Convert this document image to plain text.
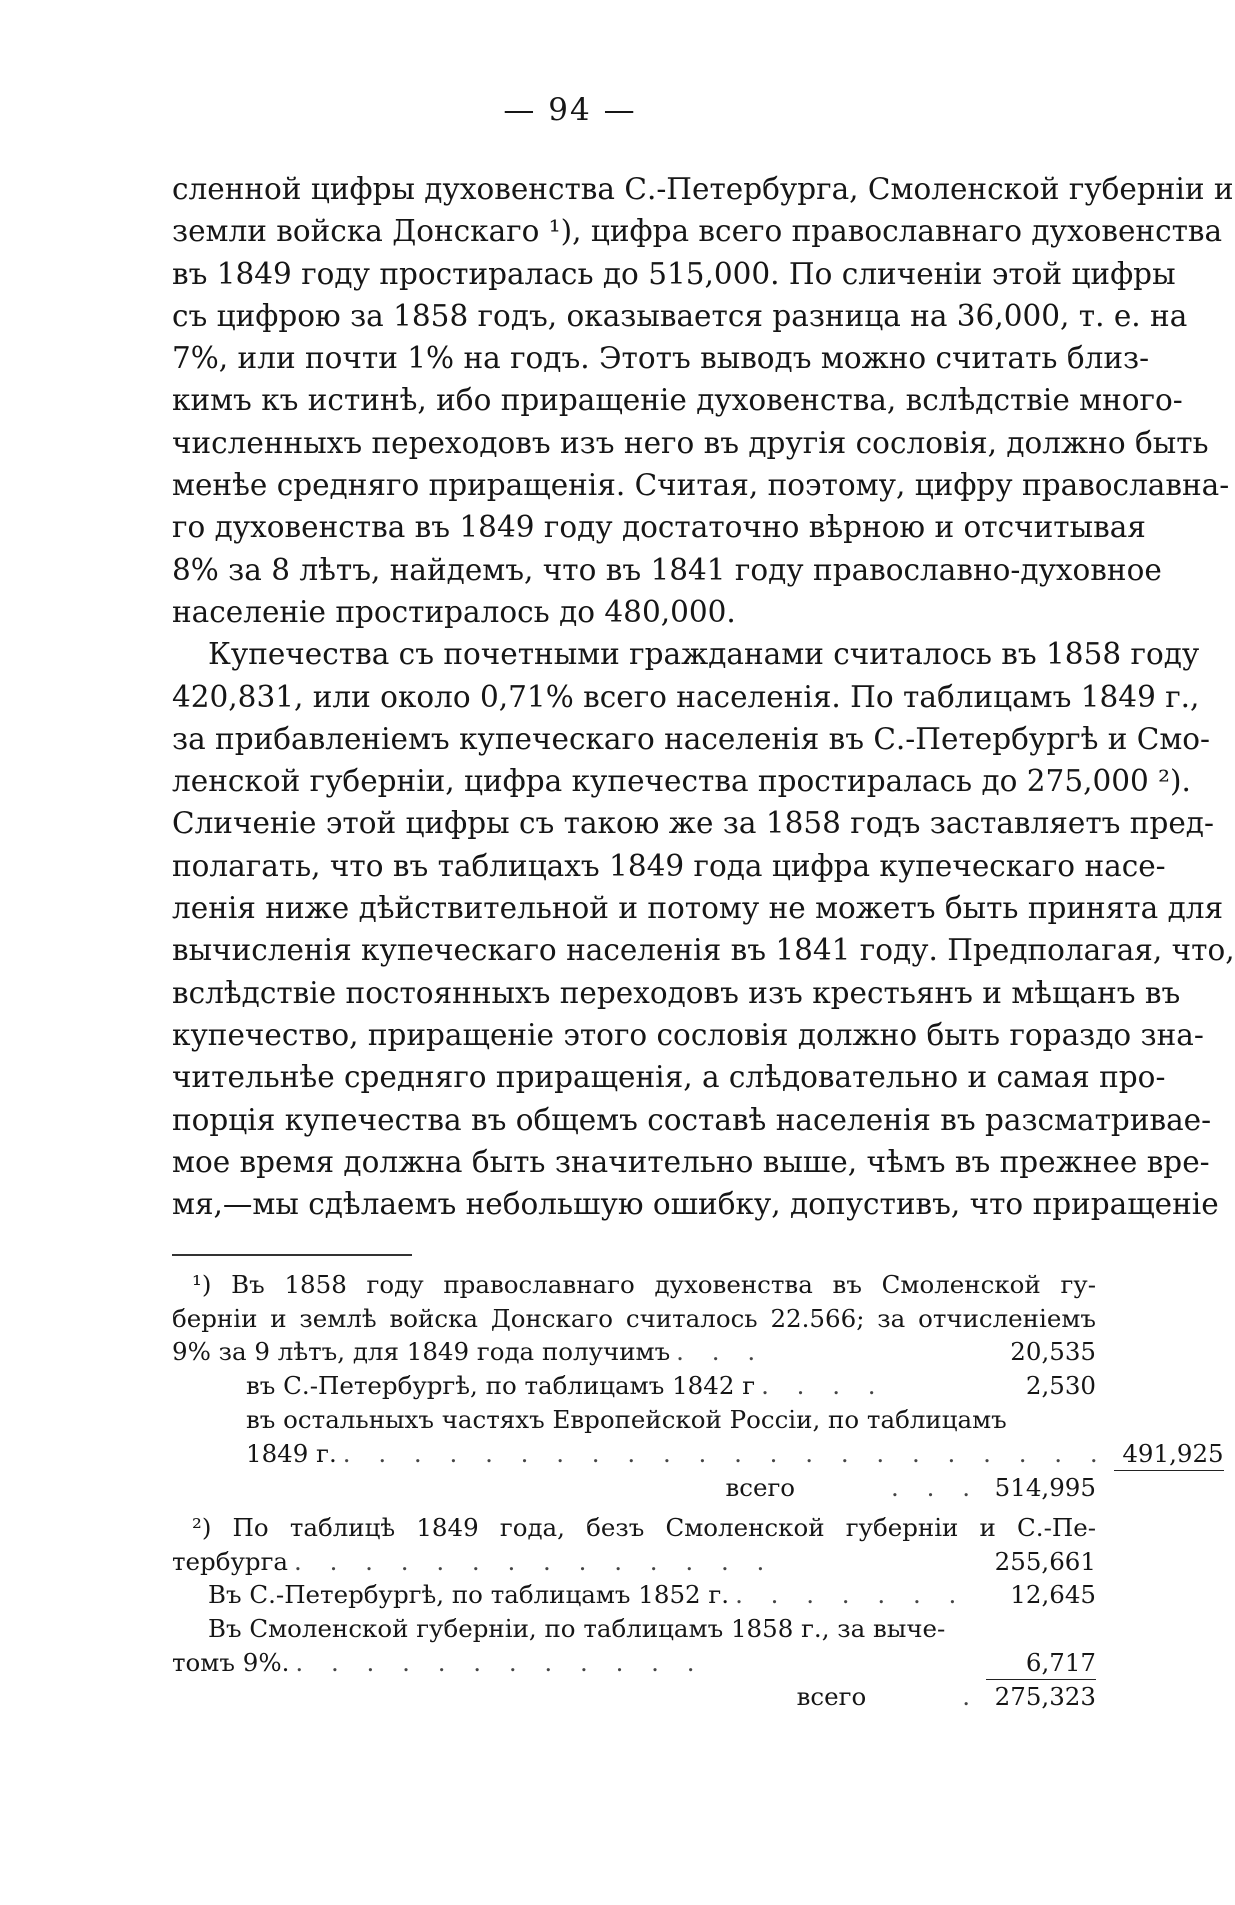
— 94 —
сленной цифры духовенства С.-Петербурга, Смоленской губерніи и
земли войска Донскаго ¹), цифра всего православнаго духовенства
въ 1849 году простиралась до 515,000. По сличеніи этой цифры
съ цифрою за 1858 годъ, оказывается разница на 36,000, т. е. на
7%, или почти 1% на годъ. Этотъ выводъ можно считать близ-
кимъ къ истинѣ, ибо приращеніе духовенства, вслѣдствіе много-
численныхъ переходовъ изъ него въ другія сословія, должно быть
менѣе средняго приращенія. Считая, поэтому, цифру православна-
го духовенства въ 1849 году достаточно вѣрною и отсчитывая
8% за 8 лѣтъ, найдемъ, что въ 1841 году православно-духовное
населеніе простиралось до 480,000.
Купечества съ почетными гражданами считалось въ 1858 году
420,831, или около 0,71% всего населенія. По таблицамъ 1849 г.,
за прибавленіемъ купеческаго населенія въ С.-Петербургѣ и Смо-
ленской губерніи, цифра купечества простиралась до 275,000 ²).
Сличеніе этой цифры съ такою же за 1858 годъ заставляетъ пред-
полагать, что въ таблицахъ 1849 года цифра купеческаго насе-
ленія ниже дѣйствительной и потому не можетъ быть принята для
вычисленія купеческаго населенія въ 1841 году. Предполагая, что,
вслѣдствіе постоянныхъ переходовъ изъ крестьянъ и мѣщанъ въ
купечество, приращеніе этого сословія должно быть гораздо зна-
чительнѣе средняго приращенія, а слѣдовательно и самая про-
порція купечества въ общемъ составѣ населенія въ разсматривае-
мое время должна быть значительно выше, чѣмъ въ прежнее вре-
мя,—мы сдѣлаемъ небольшую ошибку, допустивъ, что приращеніе
¹) Въ 1858 году православнаго духовенства въ Смоленской гу-
берніи и землѣ войска Донскаго считалось 22.566; за отчисленіемъ
9% за 9 лѣтъ, для 1849 года получимъ . . .	20,535
въ С.-Петербургѣ, по таблицамъ 1842 г . . . .	2,530
въ остальныхъ частяхъ Европейской Россіи, по таблицамъ
1849 г. . . . . . . . . . . . . . . . . . . . . . . 491,925
всего	. . . 514,995
²) По таблицѣ 1849 года, безъ Смоленской губерніи и С.-Пе-
тербурга . . . . . . . . . . . . . .	255,661
Въ С.-Петербургѣ, по таблицамъ 1852 г. . . . . . . .	12,645
Въ Смоленской губерніи, по таблицамъ 1858 г., за выче-
томъ 9%. . . . . . . . . . . . .	6,717
всего	. 275,323
